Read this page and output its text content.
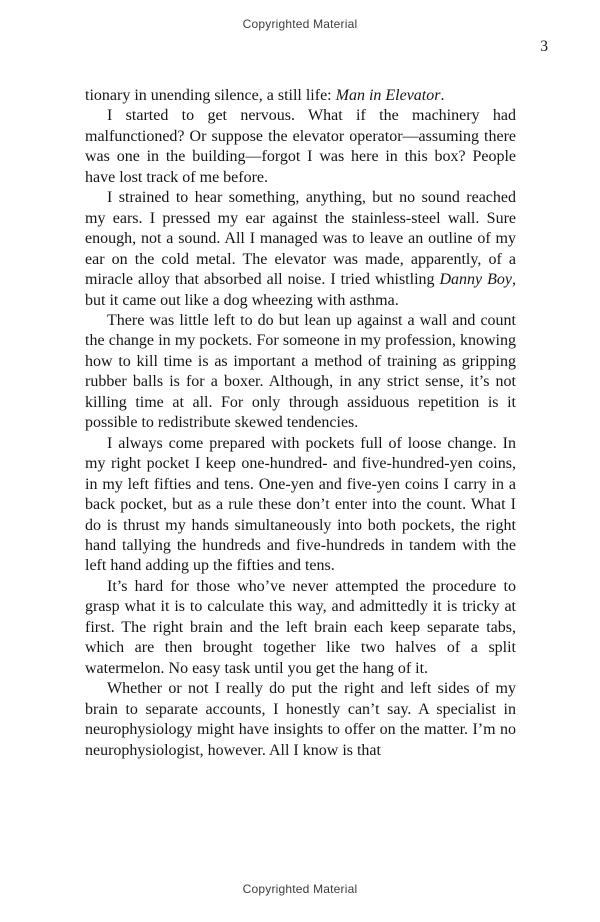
Copyrighted Material
3

tionary in unending silence, a still life: Man in Elevator.

I started to get nervous. What if the machinery had malfunctioned? Or suppose the elevator operator—assuming there was one in the building—forgot I was here in this box? People have lost track of me before.

I strained to hear something, anything, but no sound reached my ears. I pressed my ear against the stainless-steel wall. Sure enough, not a sound. All I managed was to leave an outline of my ear on the cold metal. The elevator was made, apparently, of a miracle alloy that absorbed all noise. I tried whistling Danny Boy, but it came out like a dog wheezing with asthma.

There was little left to do but lean up against a wall and count the change in my pockets. For someone in my profession, knowing how to kill time is as important a method of training as gripping rubber balls is for a boxer. Although, in any strict sense, it’s not killing time at all. For only through assiduous repetition is it possible to redistribute skewed tendencies.

I always come prepared with pockets full of loose change. In my right pocket I keep one-hundred- and five-hundred-yen coins, in my left fifties and tens. One-yen and five-yen coins I carry in a back pocket, but as a rule these don’t enter into the count. What I do is thrust my hands simultaneously into both pockets, the right hand tallying the hundreds and five-hundreds in tandem with the left hand adding up the fifties and tens.

It’s hard for those who’ve never attempted the procedure to grasp what it is to calculate this way, and admittedly it is tricky at first. The right brain and the left brain each keep separate tabs, which are then brought together like two halves of a split watermelon. No easy task until you get the hang of it.

Whether or not I really do put the right and left sides of my brain to separate accounts, I honestly can’t say. A specialist in neurophysiology might have insights to offer on the matter. I’m no neurophysiologist, however. All I know is that

Copyrighted Material
